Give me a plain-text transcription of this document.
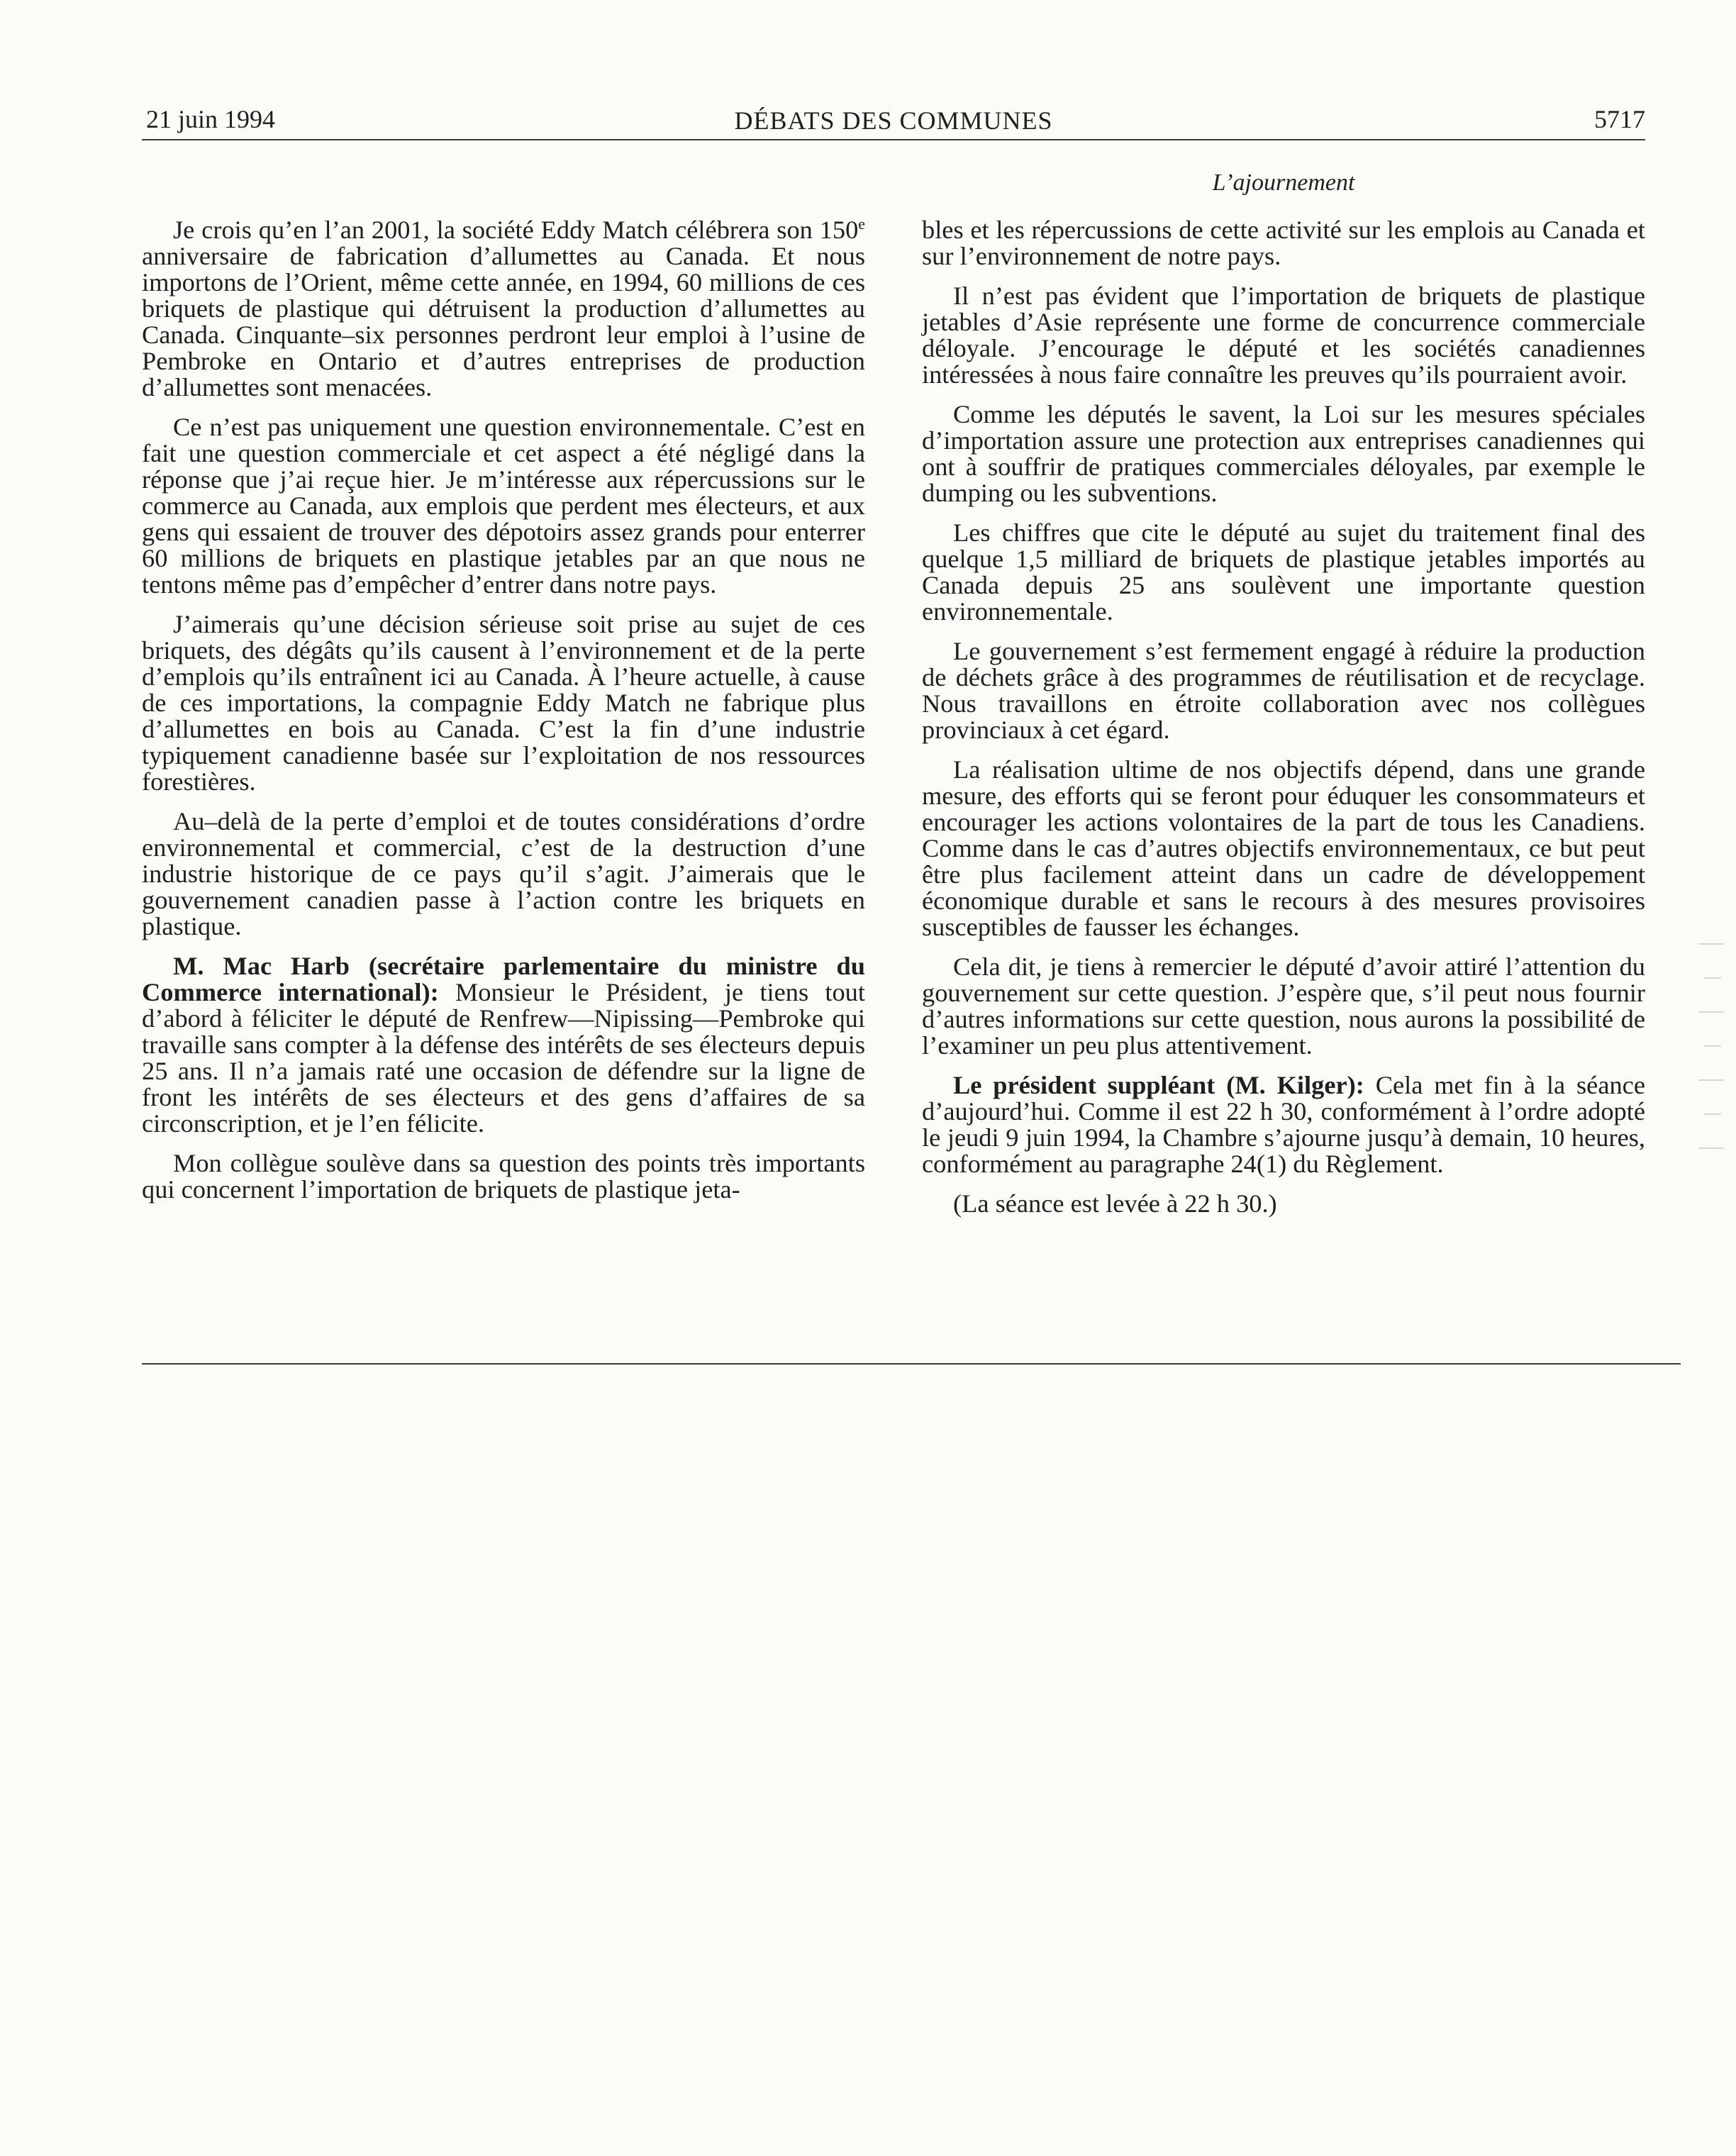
21 juin 1994	DÉBATS DES COMMUNES	5717
L’ajournement

Je crois qu’en l’an 2001, la société Eddy Match célébrera son 150e anniversaire de fabrication d’allumettes au Canada. Et nous importons de l’Orient, même cette année, en 1994, 60 millions de ces briquets de plastique qui détruisent la production d’allumettes au Canada. Cinquante–six personnes perdront leur emploi à l’usine de Pembroke en Ontario et d’autres entreprises de production d’allumettes sont menacées.

Ce n’est pas uniquement une question environnementale. C’est en fait une question commerciale et cet aspect a été négligé dans la réponse que j’ai reçue hier. Je m’intéresse aux répercussions sur le commerce au Canada, aux emplois que perdent mes électeurs, et aux gens qui essaient de trouver des dépotoirs assez grands pour enterrer 60 millions de briquets en plastique jetables par an que nous ne tentons même pas d’empêcher d’entrer dans notre pays.

J’aimerais qu’une décision sérieuse soit prise au sujet de ces briquets, des dégâts qu’ils causent à l’environnement et de la perte d’emplois qu’ils entraînent ici au Canada. À l’heure actuelle, à cause de ces importations, la compagnie Eddy Match ne fabrique plus d’allumettes en bois au Canada. C’est la fin d’une industrie typiquement canadienne basée sur l’exploitation de nos ressources forestières.

Au–delà de la perte d’emploi et de toutes considérations d’ordre environnemental et commercial, c’est de la destruction d’une industrie historique de ce pays qu’il s’agit. J’aimerais que le gouvernement canadien passe à l’action contre les briquets en plastique.

M. Mac Harb (secrétaire parlementaire du ministre du Commerce international): Monsieur le Président, je tiens tout d’abord à féliciter le député de Renfrew—Nipissing—Pembroke qui travaille sans compter à la défense des intérêts de ses électeurs depuis 25 ans. Il n’a jamais raté une occasion de défendre sur la ligne de front les intérêts de ses électeurs et des gens d’affaires de sa circonscription, et je l’en félicite.

Mon collègue soulève dans sa question des points très importants qui concernent l’importation de briquets de plastique jeta-

bles et les répercussions de cette activité sur les emplois au Canada et sur l’environnement de notre pays.

Il n’est pas évident que l’importation de briquets de plastique jetables d’Asie représente une forme de concurrence commerciale déloyale. J’encourage le député et les sociétés canadiennes intéressées à nous faire connaître les preuves qu’ils pourraient avoir.

Comme les députés le savent, la Loi sur les mesures spéciales d’importation assure une protection aux entreprises canadiennes qui ont à souffrir de pratiques commerciales déloyales, par exemple le dumping ou les subventions.

Les chiffres que cite le député au sujet du traitement final des quelque 1,5 milliard de briquets de plastique jetables importés au Canada depuis 25 ans soulèvent une importante question environnementale.

Le gouvernement s’est fermement engagé à réduire la production de déchets grâce à des programmes de réutilisation et de recyclage. Nous travaillons en étroite collaboration avec nos collègues provinciaux à cet égard.

La réalisation ultime de nos objectifs dépend, dans une grande mesure, des efforts qui se feront pour éduquer les consommateurs et encourager les actions volontaires de la part de tous les Canadiens. Comme dans le cas d’autres objectifs environnementaux, ce but peut être plus facilement atteint dans un cadre de développement économique durable et sans le recours à des mesures provisoires susceptibles de fausser les échanges.

Cela dit, je tiens à remercier le député d’avoir attiré l’attention du gouvernement sur cette question. J’espère que, s’il peut nous fournir d’autres informations sur cette question, nous aurons la possibilité de l’examiner un peu plus attentivement.

Le président suppléant (M. Kilger): Cela met fin à la séance d’aujourd’hui. Comme il est 22 h 30, conformément à l’ordre adopté le jeudi 9 juin 1994, la Chambre s’ajourne jusqu’à demain, 10 heures, conformément au paragraphe 24(1) du Règlement.

(La séance est levée à 22 h 30.)
